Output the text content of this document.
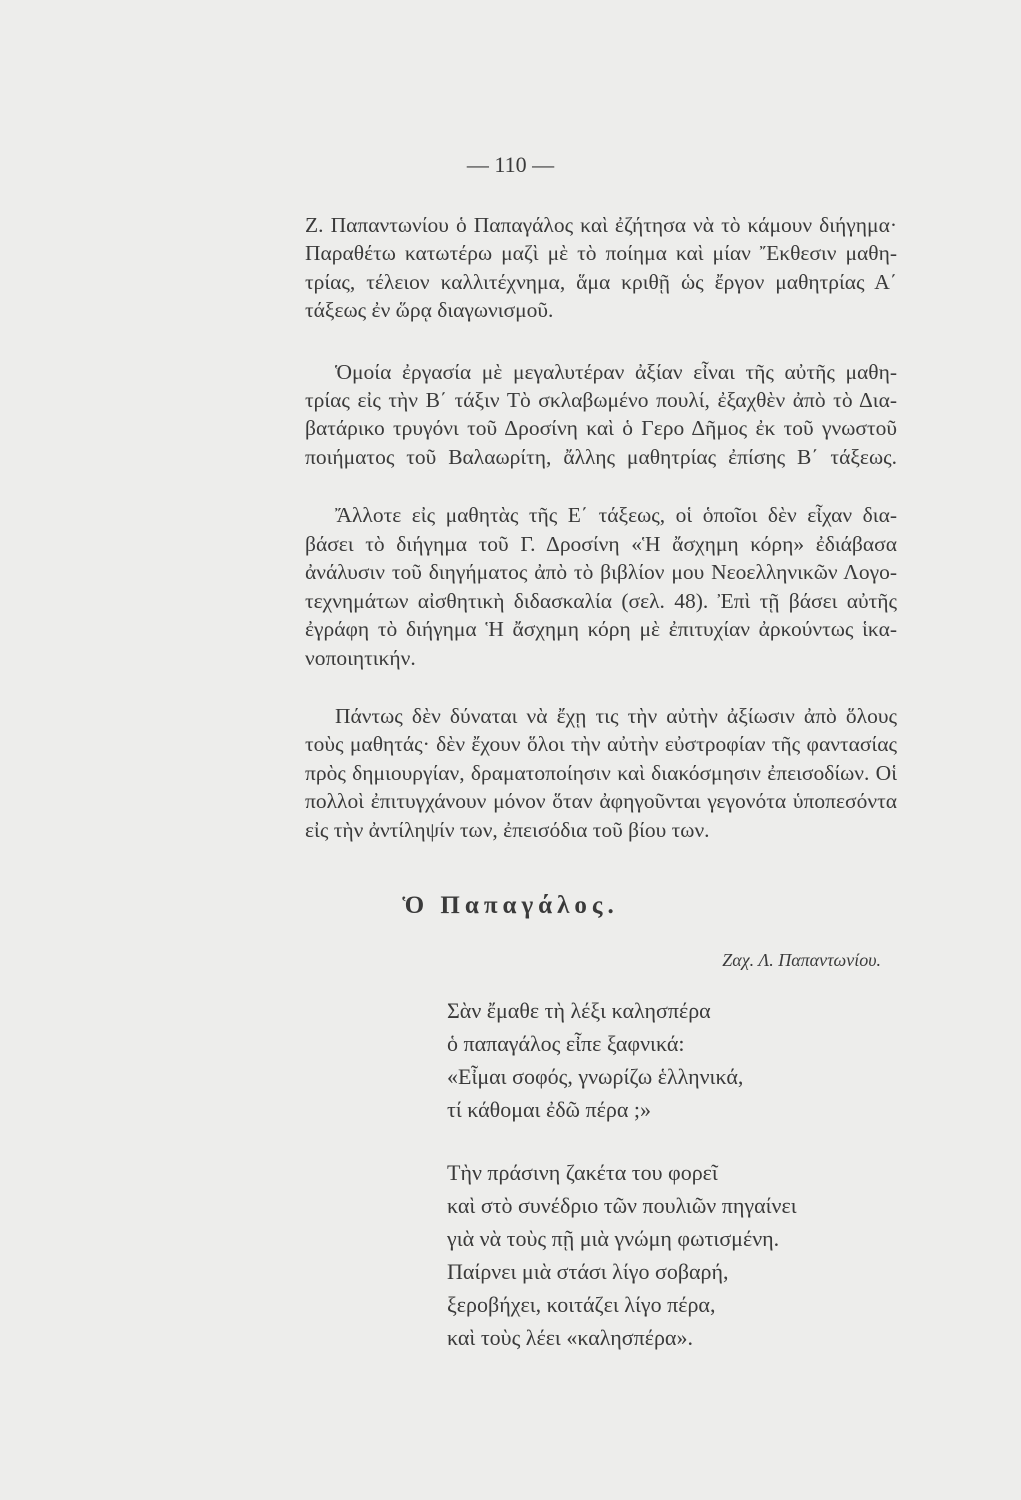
— 110 —
Ζ. Παπαντωνίου ὁ Παπαγάλος καὶ ἐζήτησα νὰ τὸ κάμουν διήγημα·
Παραθέτω κατωτέρω μαζὶ μὲ τὸ ποίημα καὶ μίαν Ἔκθεσιν μαθη-
τρίας, τέλειον καλλιτέχνημα, ἅμα κριθῇ ὡς ἔργον μαθητρίας Α΄
τάξεως ἐν ὥρᾳ διαγωνισμοῦ.
Ὁμοία ἐργασία μὲ μεγαλυτέραν ἀξίαν εἶναι τῆς αὐτῆς μαθη-
τρίας εἰς τὴν Β΄ τάξιν Τὸ σκλαβωμένο πουλί, ἐξαχθὲν ἀπὸ τὸ Δια-
βατάρικο τρυγόνι τοῦ Δροσίνη καὶ ὁ Γερο Δῆμος ἐκ τοῦ γνωστοῦ
ποιήματος τοῦ Βαλαωρίτη, ἄλλης μαθητρίας ἐπίσης Β΄ τάξεως.
Ἄλλοτε εἰς μαθητὰς τῆς Ε΄ τάξεως, οἱ ὁποῖοι δὲν εἶχαν δια-
βάσει τὸ διήγημα τοῦ Γ. Δροσίνη «Ἡ ἄσχημη κόρη» ἐδιάβασα
ἀνάλυσιν τοῦ διηγήματος ἀπὸ τὸ βιβλίον μου Νεοελληνικῶν Λογο-
τεχνημάτων αἰσθητικὴ διδασκαλία (σελ. 48). Ἐπὶ τῇ βάσει αὐτῆς
ἐγράφη τὸ διήγημα Ἡ ἄσχημη κόρη μὲ ἐπιτυχίαν ἀρκούντως ἱκα-
νοποιητικήν.
Πάντως δὲν δύναται νὰ ἔχῃ τις τὴν αὐτὴν ἀξίωσιν ἀπὸ ὅλους
τοὺς μαθητάς· δὲν ἔχουν ὅλοι τὴν αὐτὴν εὐστροφίαν τῆς φαντασίας
πρὸς δημιουργίαν, δραματοποίησιν καὶ διακόσμησιν ἐπεισοδίων. Οἱ
πολλοὶ ἐπιτυγχάνουν μόνον ὅταν ἀφηγοῦνται γεγονότα ὑποπεσόντα
εἰς τὴν ἀντίληψίν των, ἐπεισόδια τοῦ βίου των.
Ὁ Παπαγάλος.
Ζαχ. Λ. Παπαντωνίου.
Σὰν ἔμαθε τὴ λέξι καλησπέρα
ὁ παπαγάλος εἶπε ξαφνικά:
«Εἶμαι σοφός, γνωρίζω ἑλληνικά,
τί κάθομαι ἐδῶ πέρα ;»
Τὴν πράσινη ζακέτα του φορεῖ
καὶ στὸ συνέδριο τῶν πουλιῶν πηγαίνει
γιὰ νὰ τοὺς πῇ μιὰ γνώμη φωτισμένη.
Παίρνει μιὰ στάσι λίγο σοβαρή,
ξεροβήχει, κοιτάζει λίγο πέρα,
καὶ τοὺς λέει «καλησπέρα».
